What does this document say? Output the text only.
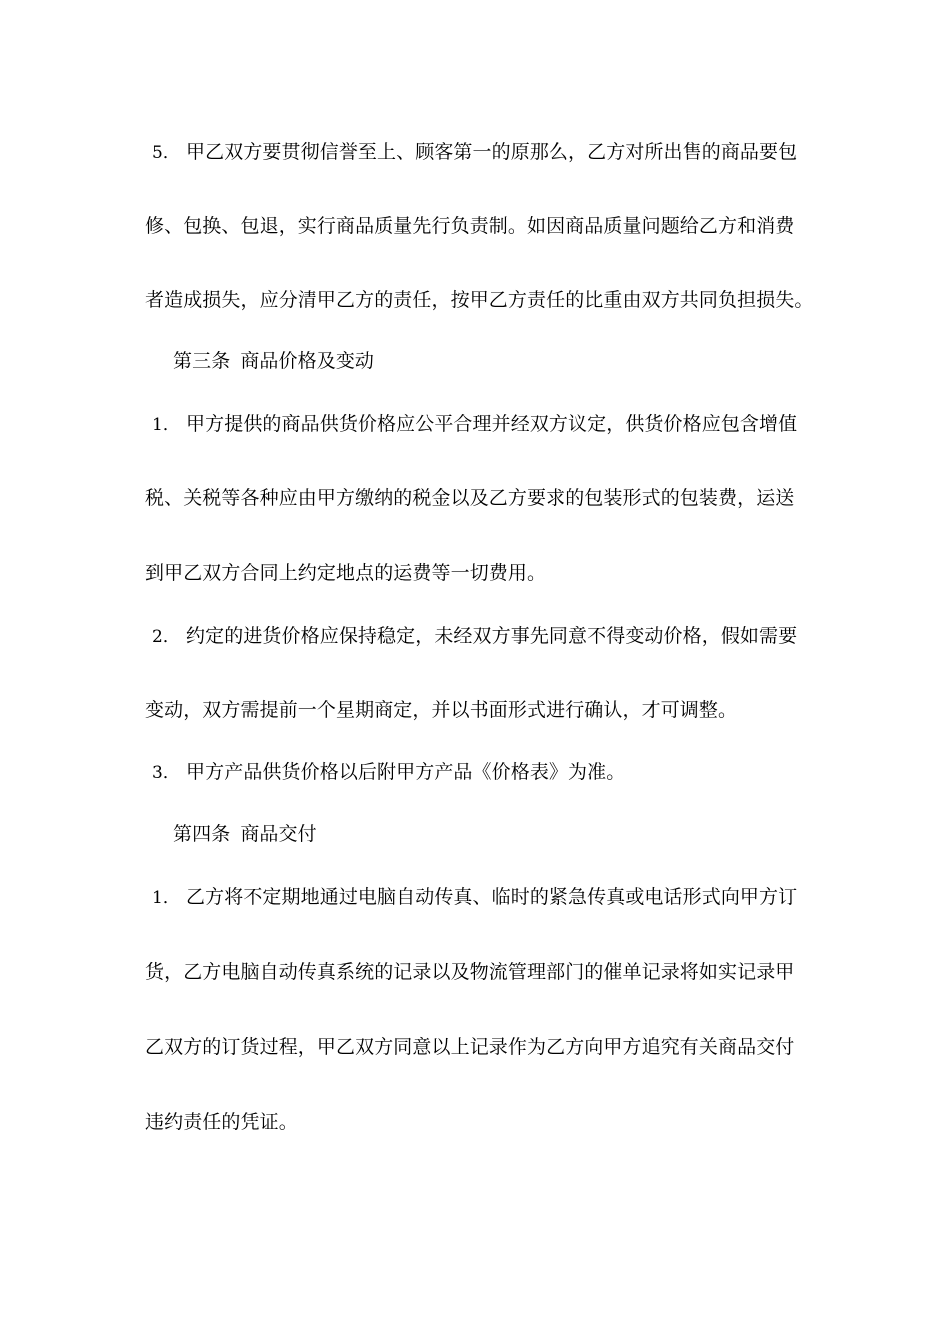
5． 甲乙双方要贯彻信誉至上、顾客第一的原那么，乙方对所出售的商品要包
修、包换、包退，实行商品质量先行负责制。如因商品质量问题给乙方和消费
者造成损失，应分清甲乙方的责任，按甲乙方责任的比重由双方共同负担损失。
第三条 商品价格及变动
1． 甲方提供的商品供货价格应公平合理并经双方议定，供货价格应包含增值
税、关税等各种应由甲方缴纳的税金以及乙方要求的包装形式的包装费，运送
到甲乙双方合同上约定地点的运费等一切费用。
2． 约定的进货价格应保持稳定，未经双方事先同意不得变动价格，假如需要
变动，双方需提前一个星期商定，并以书面形式进行确认，才可调整。
3． 甲方产品供货价格以后附甲方产品《价格表》为准。
第四条 商品交付
1． 乙方将不定期地通过电脑自动传真、临时的紧急传真或电话形式向甲方订
货，乙方电脑自动传真系统的记录以及物流管理部门的催单记录将如实记录甲
乙双方的订货过程，甲乙双方同意以上记录作为乙方向甲方追究有关商品交付
违约责任的凭证。
